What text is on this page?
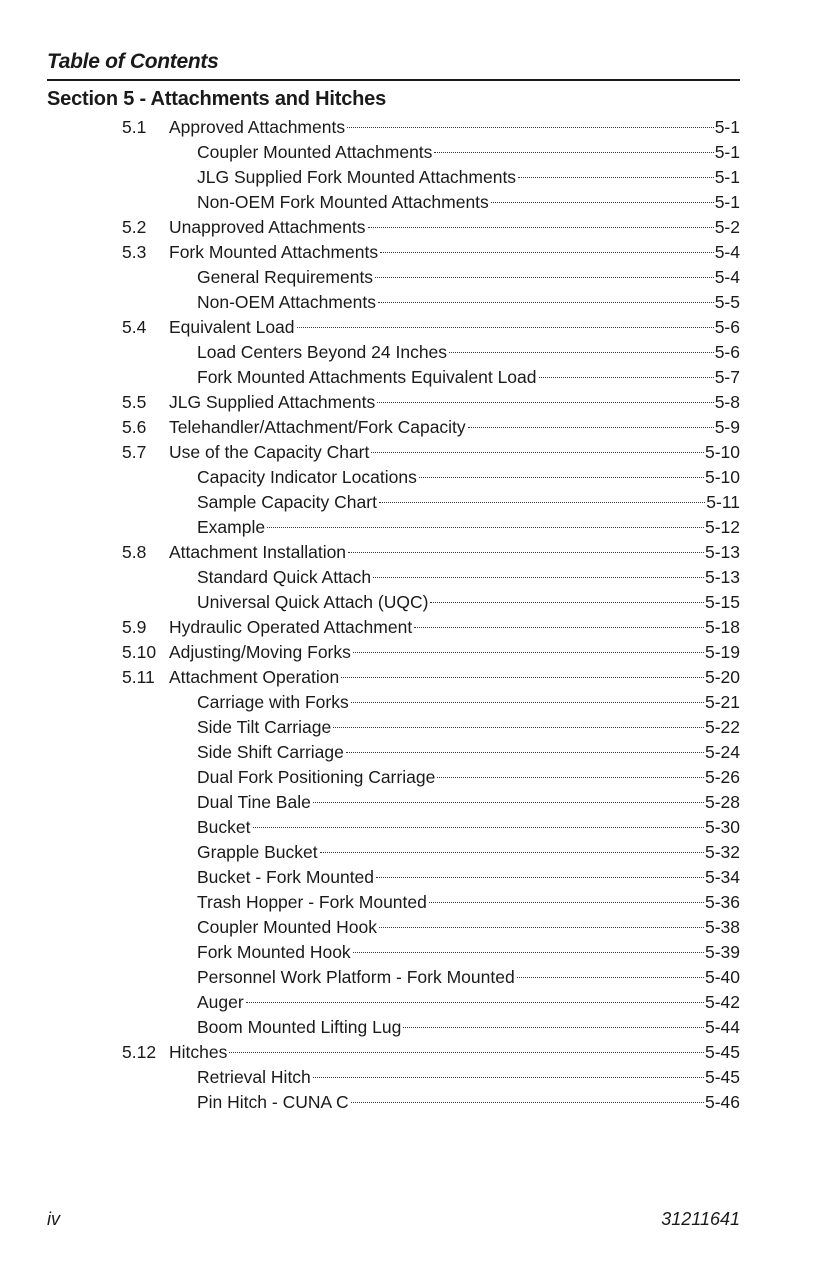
Table of Contents
Section 5 - Attachments and Hitches
5.1 Approved Attachments	5-1
Coupler Mounted Attachments	5-1
JLG Supplied Fork Mounted Attachments	5-1
Non-OEM Fork Mounted Attachments	5-1
5.2 Unapproved Attachments	5-2
5.3 Fork Mounted Attachments	5-4
General Requirements	5-4
Non-OEM Attachments	5-5
5.4 Equivalent Load	5-6
Load Centers Beyond 24 Inches	5-6
Fork Mounted Attachments Equivalent Load	5-7
5.5 JLG Supplied Attachments	5-8
5.6 Telehandler/Attachment/Fork Capacity	5-9
5.7 Use of the Capacity Chart	5-10
Capacity Indicator Locations	5-10
Sample Capacity Chart	5-11
Example	5-12
5.8 Attachment Installation	5-13
Standard Quick Attach	5-13
Universal Quick Attach (UQC)	5-15
5.9 Hydraulic Operated Attachment	5-18
5.10 Adjusting/Moving Forks	5-19
5.11 Attachment Operation	5-20
Carriage with Forks	5-21
Side Tilt Carriage	5-22
Side Shift Carriage	5-24
Dual Fork Positioning Carriage	5-26
Dual Tine Bale	5-28
Bucket	5-30
Grapple Bucket	5-32
Bucket - Fork Mounted	5-34
Trash Hopper - Fork Mounted	5-36
Coupler Mounted Hook	5-38
Fork Mounted Hook	5-39
Personnel Work Platform - Fork Mounted	5-40
Auger	5-42
Boom Mounted Lifting Lug	5-44
5.12 Hitches	5-45
Retrieval Hitch	5-45
Pin Hitch - CUNA C	5-46
iv	31211641
